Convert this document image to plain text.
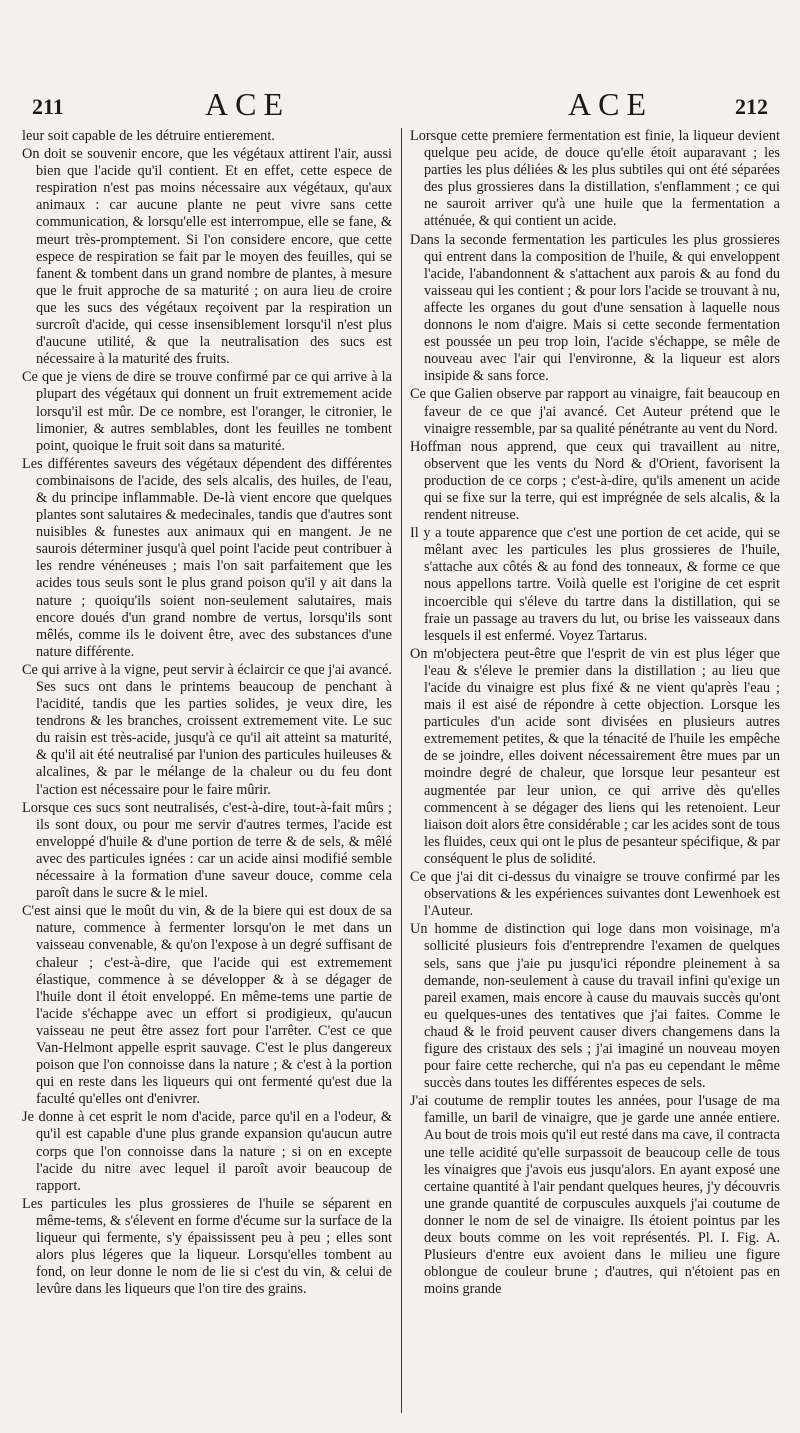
211	ACE	ACE	212

leur soit capable de les détruire entierement.

On doit se souvenir encore, que les végétaux attirent l'air, aussi bien que l'acide qu'il contient. Et en effet, cette espece de respiration n'est pas moins nécessaire aux végétaux, qu'aux animaux : car aucune plante ne peut vivre sans cette communication, & lorsqu'elle est interrompue, elle se fane, & meurt très-promptement. Si l'on considere encore, que cette espece de respiration se fait par le moyen des feuilles, qui se fanent & tombent dans un grand nombre de plantes, à mesure que le fruit approche de sa maturité ; on aura lieu de croire que les sucs des végétaux reçoivent par la respiration un surcroît d'acide, qui cesse insensiblement lorsqu'il n'est plus d'aucune utilité, & que la neutralisation des sucs est nécessaire à la maturité des fruits.

Ce que je viens de dire se trouve confirmé par ce qui arrive à la plupart des végétaux qui donnent un fruit extremement acide lorsqu'il est mûr. De ce nombre, est l'oranger, le citronier, le limonier, & autres semblables, dont les feuilles ne tombent point, quoique le fruit soit dans sa maturité.

Les différentes saveurs des végétaux dépendent des différentes combinaisons de l'acide, des sels alcalis, des huiles, de l'eau, & du principe inflammable. De-là vient encore que quelques plantes sont salutaires & medecinales, tandis que d'autres sont nuisibles & funestes aux animaux qui en mangent. Je ne saurois déterminer jusqu'à quel point l'acide peut contribuer à les rendre vénéneuses ; mais l'on sait parfaitement que les acides tous seuls sont le plus grand poison qu'il y ait dans la nature ; quoiqu'ils soient non-seulement salutaires, mais encore doués d'un grand nombre de vertus, lorsqu'ils sont mêlés, comme ils le doivent être, avec des substances d'une nature différente.

Ce qui arrive à la vigne, peut servir à éclaircir ce que j'ai avancé. Ses sucs ont dans le printems beaucoup de penchant à l'acidité, tandis que les parties solides, je veux dire, les tendrons & les branches, croissent extremement vite. Le suc du raisin est très-acide, jusqu'à ce qu'il ait atteint sa maturité, & qu'il ait été neutralisé par l'union des particules huileuses & alcalines, & par le mélange de la chaleur ou du feu dont l'action est nécessaire pour le faire mûrir.

Lorsque ces sucs sont neutralisés, c'est-à-dire, tout-à-fait mûrs ; ils sont doux, ou pour me servir d'autres termes, l'acide est enveloppé d'huile & d'une portion de terre & de sels, & mêlé avec des particules ignées : car un acide ainsi modifié semble nécessaire à la formation d'une saveur douce, comme cela paroît dans le sucre & le miel.

C'est ainsi que le moût du vin, & de la biere qui est doux de sa nature, commence à fermenter lorsqu'on le met dans un vaisseau convenable, & qu'on l'expose à un degré suffisant de chaleur ; c'est-à-dire, que l'acide qui est extremement élastique, commence à se développer & à se dégager de l'huile dont il étoit enveloppé. En même-tems une partie de l'acide s'échappe avec un effort si prodigieux, qu'aucun vaisseau ne peut être assez fort pour l'arrêter. C'est ce que Van-Helmont appelle esprit sauvage. C'est le plus dangereux poison que l'on connoisse dans la nature ; & c'est à la portion qui en reste dans les liqueurs qui ont fermenté qu'est due la faculté qu'elles ont d'enivrer.

Je donne à cet esprit le nom d'acide, parce qu'il en a l'odeur, & qu'il est capable d'une plus grande expansion qu'aucun autre corps que l'on connoisse dans la nature ; si on en excepte l'acide du nitre avec lequel il paroît avoir beaucoup de rapport.

Les particules les plus grossieres de l'huile se séparent en même-tems, & s'élevent en forme d'écume sur la surface de la liqueur qui fermente, s'y épaississent peu à peu ; elles sont alors plus légeres que la liqueur. Lorsqu'elles tombent au fond, on leur donne le nom de lie si c'est du vin, & celui de levûre dans les liqueurs que l'on tire des grains.

Lorsque cette premiere fermentation est finie, la liqueur devient quelque peu acide, de douce qu'elle étoit auparavant ; les parties les plus déliées & les plus subtiles qui ont été séparées des plus grossieres dans la distillation, s'enflamment ; ce qui ne sauroit arriver qu'à une huile que la fermentation a atténuée, & qui contient un acide.

Dans la seconde fermentation les particules les plus grossieres qui entrent dans la composition de l'huile, & qui enveloppent l'acide, l'abandonnent & s'attachent aux parois & au fond du vaisseau qui les contient ; & pour lors l'acide se trouvant à nu, affecte les organes du gout d'une sensation à laquelle nous donnons le nom d'aigre. Mais si cette seconde fermentation est poussée un peu trop loin, l'acide s'échappe, se mêle de nouveau avec l'air qui l'environne, & la liqueur est alors insipide & sans force.

Ce que Galien observe par rapport au vinaigre, fait beaucoup en faveur de ce que j'ai avancé. Cet Auteur prétend que le vinaigre ressemble, par sa qualité pénétrante au vent du Nord.

Hoffman nous apprend, que ceux qui travaillent au nitre, observent que les vents du Nord & d'Orient, favorisent la production de ce corps ; c'est-à-dire, qu'ils amenent un acide qui se fixe sur la terre, qui est imprégnée de sels alcalis, & la rendent nitreuse.

Il y a toute apparence que c'est une portion de cet acide, qui se mêlant avec les particules les plus grossieres de l'huile, s'attache aux côtés & au fond des tonneaux, & forme ce que nous appellons tartre. Voilà quelle est l'origine de cet esprit incoercible qui s'éleve du tartre dans la distillation, qui se fraie un passage au travers du lut, ou brise les vaisseaux dans lesquels il est enfermé. Voyez Tartarus.

On m'objectera peut-être que l'esprit de vin est plus léger que l'eau & s'éleve le premier dans la distillation ; au lieu que l'acide du vinaigre est plus fixé & ne vient qu'après l'eau ; mais il est aisé de répondre à cette objection. Lorsque les particules d'un acide sont divisées en plusieurs autres extremement petites, & que la ténacité de l'huile les empêche de se joindre, elles doivent nécessairement être mues par un moindre degré de chaleur, que lorsque leur pesanteur est augmentée par leur union, ce qui arrive dès qu'elles commencent à se dégager des liens qui les retenoient. Leur liaison doit alors être considérable ; car les acides sont de tous les fluides, ceux qui ont le plus de pesanteur spécifique, & par conséquent le plus de solidité.

Ce que j'ai dit ci-dessus du vinaigre se trouve confirmé par les observations & les expériences suivantes dont Lewenhoek est l'Auteur.

Un homme de distinction qui loge dans mon voisinage, m'a sollicité plusieurs fois d'entreprendre l'examen de quelques sels, sans que j'aie pu jusqu'ici répondre pleinement à sa demande, non-seulement à cause du travail infini qu'exige un pareil examen, mais encore à cause du mauvais succès qu'ont eu quelques-unes des tentatives que j'ai faites. Comme le chaud & le froid peuvent causer divers changemens dans la figure des cristaux des sels ; j'ai imaginé un nouveau moyen pour faire cette recherche, qui n'a pas eu cependant le même succès dans toutes les différentes especes de sels.

J'ai coutume de remplir toutes les années, pour l'usage de ma famille, un baril de vinaigre, que je garde une année entiere. Au bout de trois mois qu'il eut resté dans ma cave, il contracta une telle acidité qu'elle surpassoit de beaucoup celle de tous les vinaigres que j'avois eus jusqu'alors. En ayant exposé une certaine quantité à l'air pendant quelques heures, j'y découvris une grande quantité de corpuscules auxquels j'ai coutume de donner le nom de sel de vinaigre. Ils étoient pointus par les deux bouts comme on les voit représentés. Pl. I. Fig. A. Plusieurs d'entre eux avoient dans le milieu une figure oblongue de couleur brune ; d'autres, qui n'étoient pas en moins grande
